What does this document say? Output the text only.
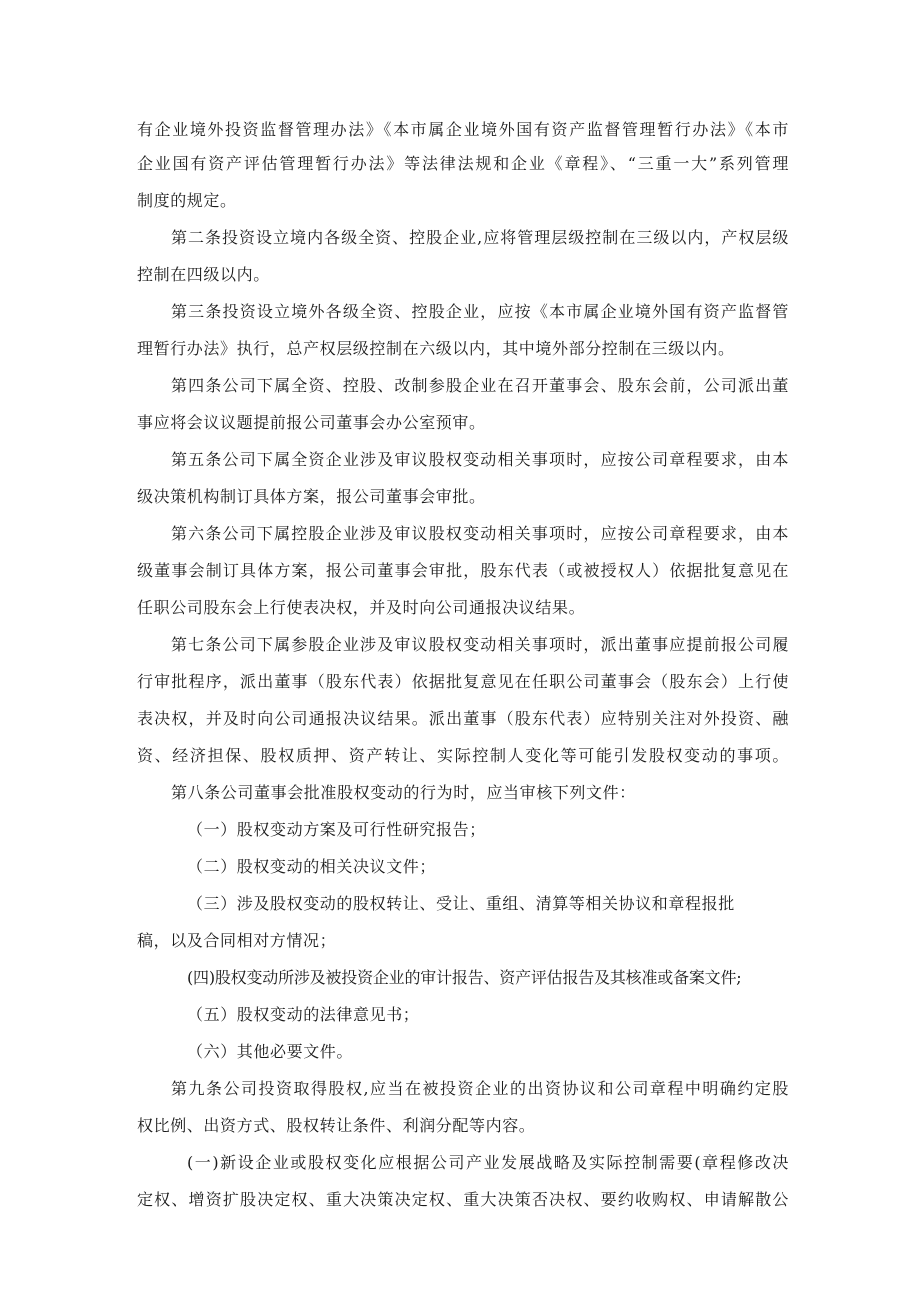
有企业境外投资监督管理办法》《本市属企业境外国有资产监督管理暂行办法》《本市
企业国有资产评估管理暂行办法》等法律法规和企业《章程》、“三重一大”系列管理
制度的规定。
第二条投资设立境内各级全资、控股企业,应将管理层级控制在三级以内，产权层级
控制在四级以内。
第三条投资设立境外各级全资、控股企业，应按《本市属企业境外国有资产监督管
理暂行办法》执行，总产权层级控制在六级以内，其中境外部分控制在三级以内。
第四条公司下属全资、控股、改制参股企业在召开董事会、股东会前，公司派出董
事应将会议议题提前报公司董事会办公室预审。
第五条公司下属全资企业涉及审议股权变动相关事项时，应按公司章程要求，由本
级决策机构制订具体方案，报公司董事会审批。
第六条公司下属控股企业涉及审议股权变动相关事项时，应按公司章程要求，由本
级董事会制订具体方案，报公司董事会审批，股东代表（或被授权人）依据批复意见在
任职公司股东会上行使表决权，并及时向公司通报决议结果。
第七条公司下属参股企业涉及审议股权变动相关事项时，派出董事应提前报公司履
行审批程序，派出董事（股东代表）依据批复意见在任职公司董事会（股东会）上行使
表决权，并及时向公司通报决议结果。派出董事（股东代表）应特别关注对外投资、融
资、经济担保、股权质押、资产转让、实际控制人变化等可能引发股权变动的事项。
第八条公司董事会批准股权变动的行为时，应当审核下列文件：
（一）股权变动方案及可行性研究报告；
（二）股权变动的相关决议文件；
（三）涉及股权变动的股权转让、受让、重组、清算等相关协议和章程报批
稿，以及合同相对方情况；
(四)股权变动所涉及被投资企业的审计报告、资产评估报告及其核准或备案文件;
（五）股权变动的法律意见书；
（六）其他必要文件。
第九条公司投资取得股权,应当在被投资企业的出资协议和公司章程中明确约定股
权比例、出资方式、股权转让条件、利润分配等内容。
(一)新设企业或股权变化应根据公司产业发展战略及实际控制需要(章程修改决
定权、增资扩股决定权、重大决策决定权、重大决策否决权、要约收购权、申请解散公
